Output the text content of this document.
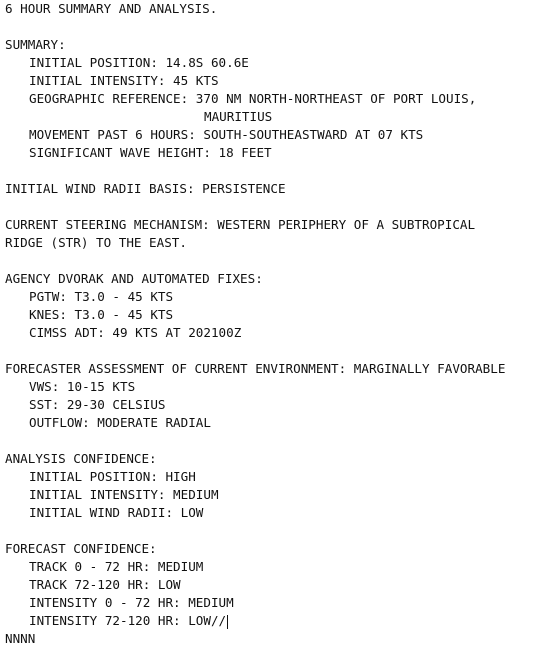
6 HOUR SUMMARY AND ANALYSIS.
SUMMARY:
INITIAL POSITION: 14.8S 60.6E
INITIAL INTENSITY: 45 KTS
GEOGRAPHIC REFERENCE: 370 NM NORTH-NORTHEAST OF PORT LOUIS,
MAURITIUS
MOVEMENT PAST 6 HOURS: SOUTH-SOUTHEASTWARD AT 07 KTS
SIGNIFICANT WAVE HEIGHT: 18 FEET
INITIAL WIND RADII BASIS: PERSISTENCE
CURRENT STEERING MECHANISM: WESTERN PERIPHERY OF A SUBTROPICAL
RIDGE (STR) TO THE EAST.
AGENCY DVORAK AND AUTOMATED FIXES:
PGTW: T3.0 - 45 KTS
KNES: T3.0 - 45 KTS
CIMSS ADT: 49 KTS AT 202100Z
FORECASTER ASSESSMENT OF CURRENT ENVIRONMENT: MARGINALLY FAVORABLE
VWS: 10-15 KTS
SST: 29-30 CELSIUS
OUTFLOW: MODERATE RADIAL
ANALYSIS CONFIDENCE:
INITIAL POSITION: HIGH
INITIAL INTENSITY: MEDIUM
INITIAL WIND RADII: LOW
FORECAST CONFIDENCE:
TRACK 0 - 72 HR: MEDIUM
TRACK 72-120 HR: LOW
INTENSITY 0 - 72 HR: MEDIUM
INTENSITY 72-120 HR: LOW//
NNNN
